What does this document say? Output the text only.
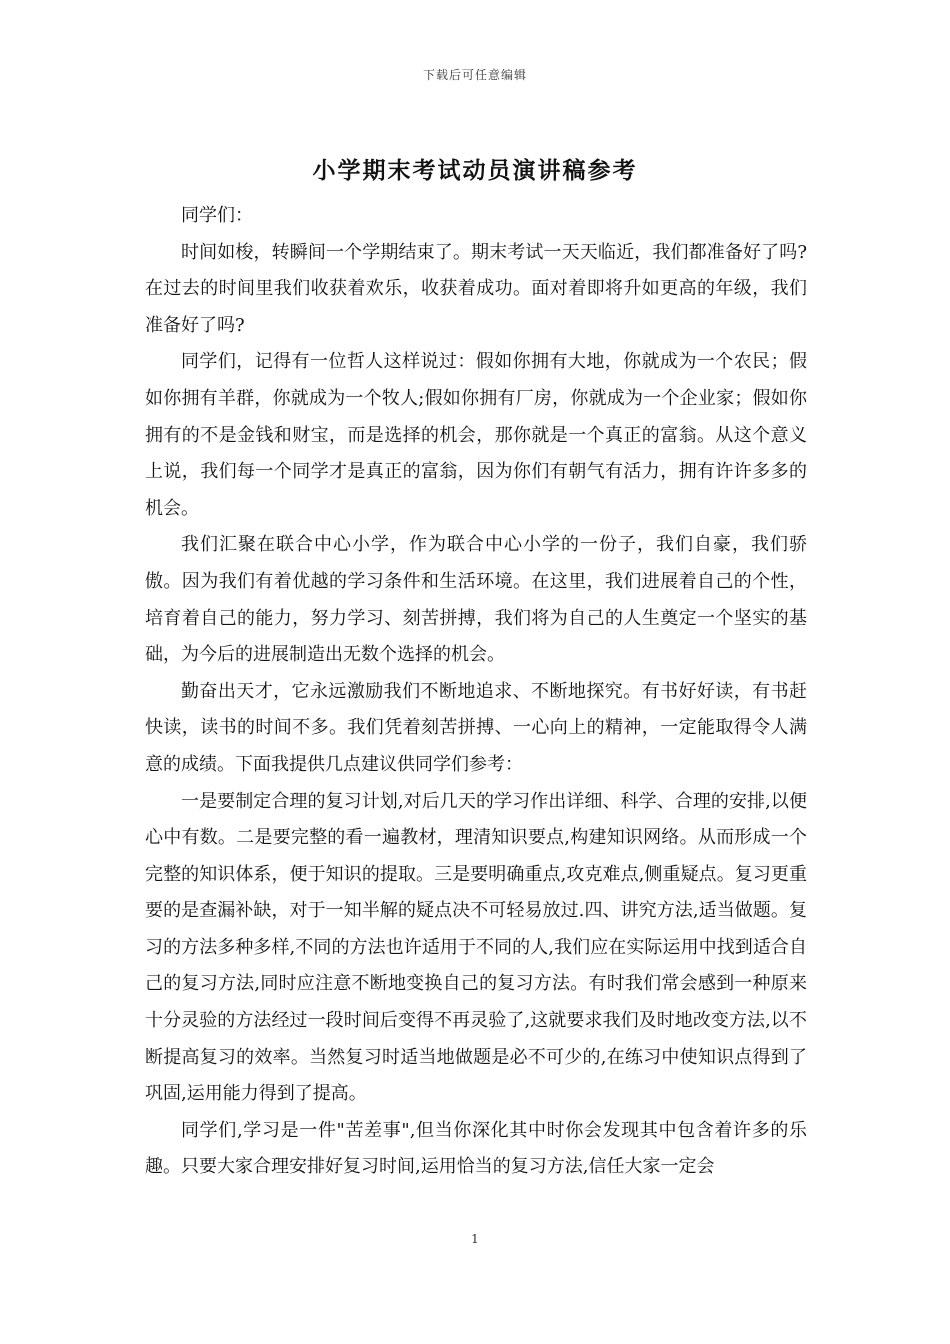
下载后可任意编辑
小学期末考试动员演讲稿参考

同学们：

时间如梭，转瞬间一个学期结束了。期末考试一天天临近，我们都准备好了吗?在过去的时间里我们收获着欢乐，收获着成功。面对着即将升如更高的年级，我们准备好了吗?

同学们，记得有一位哲人这样说过：假如你拥有大地，你就成为一个农民；假如你拥有羊群，你就成为一个牧人;假如你拥有厂房，你就成为一个企业家；假如你拥有的不是金钱和财宝，而是选择的机会，那你就是一个真正的富翁。从这个意义上说，我们每一个同学才是真正的富翁，因为你们有朝气有活力，拥有许许多多的机会。

我们汇聚在联合中心小学，作为联合中心小学的一份子，我们自豪，我们骄傲。因为我们有着优越的学习条件和生活环境。在这里，我们进展着自己的个性，培育着自己的能力，努力学习、刻苦拼搏，我们将为自己的人生奠定一个坚实的基础，为今后的进展制造出无数个选择的机会。

勤奋出天才，它永远激励我们不断地追求、不断地探究。有书好好读，有书赶快读，读书的时间不多。我们凭着刻苦拼搏、一心向上的精神，一定能取得令人满意的成绩。下面我提供几点建议供同学们参考：

一是要制定合理的复习计划,对后几天的学习作出详细、科学、合理的安排,以便心中有数。二是要完整的看一遍教材，理清知识要点,构建知识网络。从而形成一个完整的知识体系，便于知识的提取。三是要明确重点,攻克难点,侧重疑点。复习更重要的是查漏补缺，对于一知半解的疑点决不可轻易放过.四、讲究方法,适当做题。复习的方法多种多样,不同的方法也许适用于不同的人,我们应在实际运用中找到适合自己的复习方法,同时应注意不断地变换自己的复习方法。有时我们常会感到一种原来十分灵验的方法经过一段时间后变得不再灵验了,这就要求我们及时地改变方法,以不断提高复习的效率。当然复习时适当地做题是必不可少的,在练习中使知识点得到了巩固,运用能力得到了提高。

同学们,学习是一件"苦差事",但当你深化其中时你会发现其中包含着许多的乐趣。只要大家合理安排好复习时间,运用恰当的复习方法,信任大家一定会

1
